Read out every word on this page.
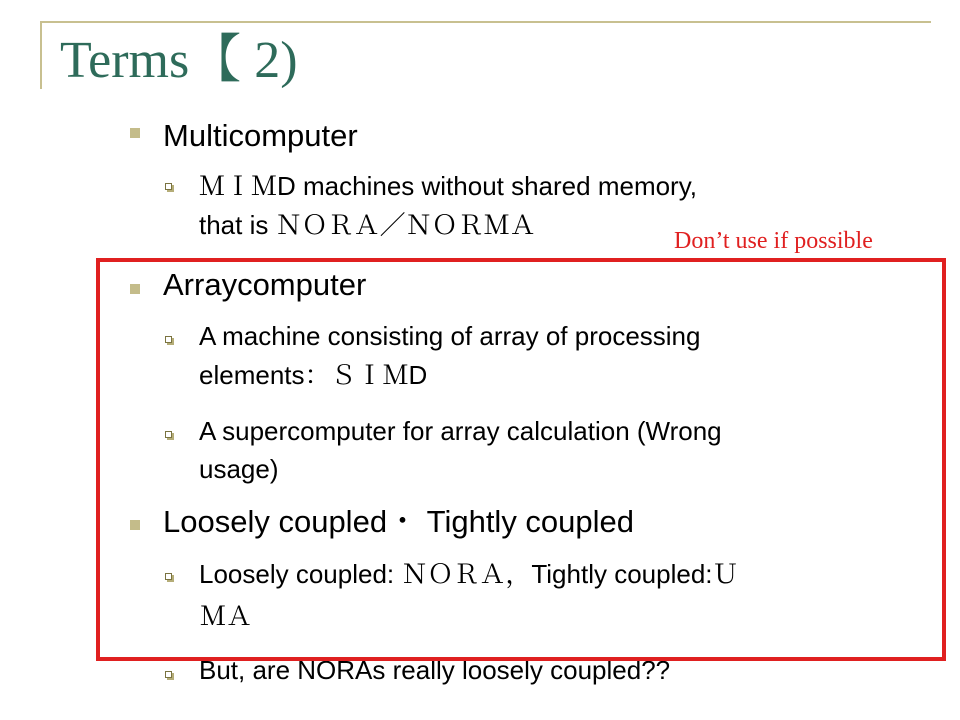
Terms【 2)
Multicomputer
ＭＩＭD machines without shared memory,
that is ＮＯＲＡ／ＮＯＲＭＡ
Arraycomputer
A machine consisting of array of processing
elements：ＳＩＭD
A supercomputer for array calculation (Wrong
usage)
Loosely coupled・ Tightly coupled
Loosely coupled: ＮＯＲＡ，Tightly coupled:Ｕ
ＭＡ
But, are NORAs really loosely coupled??
Don’t use if possible
